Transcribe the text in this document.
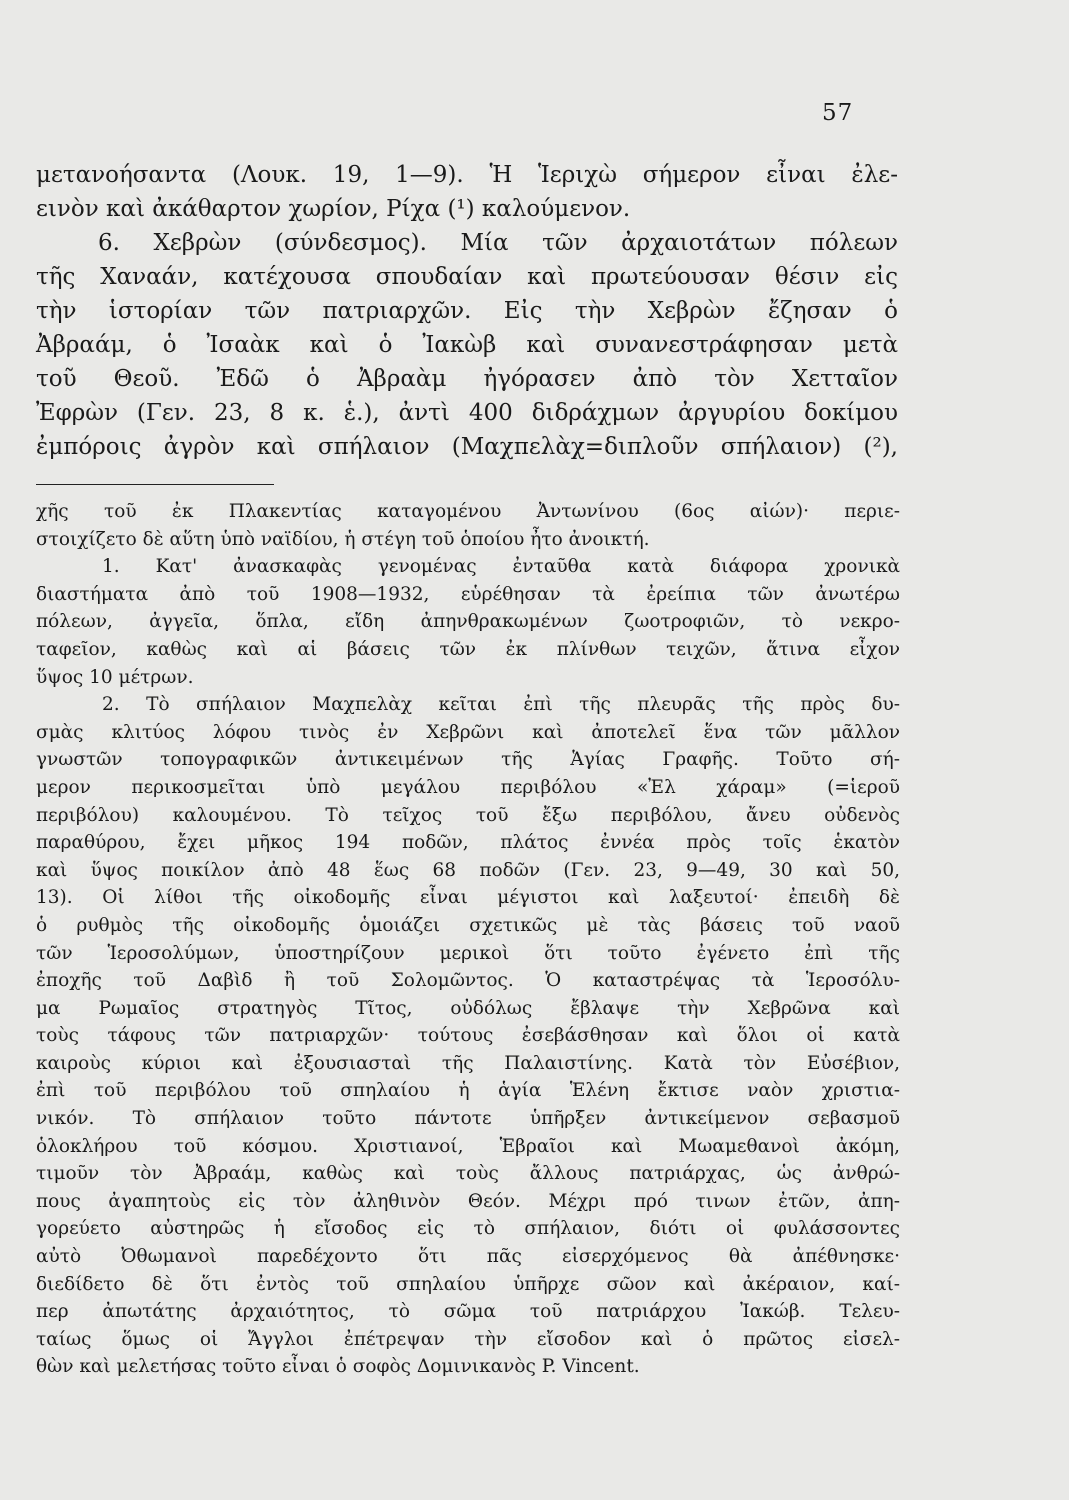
57
μετανοήσαντα (Λουκ. 19, 1—9). Ἡ Ἱεριχὼ σήμερον εἶναι ἐλε-
εινὸν καὶ ἀκάθαρτον χωρίον, Ρίχα (¹) καλούμενον.
6. Χεβρὼν (σύνδεσμος). Μία τῶν ἀρχαιοτάτων πόλεων
τῆς Χαναάν, κατέχουσα σπουδαίαν καὶ πρωτεύουσαν θέσιν εἰς
τὴν ἱστορίαν τῶν πατριαρχῶν. Εἰς τὴν Χεβρὼν ἔζησαν ὁ
Ἀβραάμ, ὁ Ἰσαὰκ καὶ ὁ Ἰακὼβ καὶ συνανεστράφησαν μετὰ
τοῦ Θεοῦ. Ἐδῶ ὁ Ἀβραὰμ ἠγόρασεν ἀπὸ τὸν Χετταῖον
Ἐφρὼν (Γεν. 23, 8 κ. ἑ.), ἀντὶ 400 διδράχμων ἀργυρίου δοκίμου
ἐμπόροις ἀγρὸν καὶ σπήλαιον (Μαχπελὰχ=διπλοῦν σπήλαιον) (²),
χῆς τοῦ ἐκ Πλακεντίας καταγομένου Ἀντωνίνου (6ος αἰών)· περιε-
στοιχίζετο δὲ αὕτη ὑπὸ ναϊδίου, ἡ στέγη τοῦ ὁποίου ἦτο ἀνοικτή.
1. Κατ' ἀνασκαφὰς γενομένας ἐνταῦθα κατὰ διάφορα χρονικὰ
διαστήματα ἀπὸ τοῦ 1908—1932, εὑρέθησαν τὰ ἐρείπια τῶν ἀνωτέρω
πόλεων, ἀγγεῖα, ὅπλα, εἴδη ἀπηνθρακωμένων ζωοτροφιῶν, τὸ νεκρο-
ταφεῖον, καθὼς καὶ αἱ βάσεις τῶν ἐκ πλίνθων τειχῶν, ἅτινα εἶχον
ὕψος 10 μέτρων.
2. Τὸ σπήλαιον Μαχπελὰχ κεῖται ἐπὶ τῆς πλευρᾶς τῆς πρὸς δυ-
σμὰς κλιτύος λόφου τινὸς ἐν Χεβρῶνι καὶ ἀποτελεῖ ἕνα τῶν μᾶλλον
γνωστῶν τοπογραφικῶν ἀντικειμένων τῆς Ἁγίας Γραφῆς. Τοῦτο σή-
μερον περικοσμεῖται ὑπὸ μεγάλου περιβόλου «Ἐλ χάραμ» (=ἱεροῦ
περιβόλου) καλουμένου. Τὸ τεῖχος τοῦ ἔξω περιβόλου, ἄνευ οὐδενὸς
παραθύρου, ἔχει μῆκος 194 ποδῶν, πλάτος ἐννέα πρὸς τοῖς ἑκατὸν
καὶ ὕψος ποικίλον ἀπὸ 48 ἕως 68 ποδῶν (Γεν. 23, 9—49, 30 καὶ 50,
13). Οἱ λίθοι τῆς οἰκοδομῆς εἶναι μέγιστοι καὶ λαξευτοί· ἐπειδὴ δὲ
ὁ ρυθμὸς τῆς οἰκοδομῆς ὁμοιάζει σχετικῶς μὲ τὰς βάσεις τοῦ ναοῦ
τῶν Ἱεροσολύμων, ὑποστηρίζουν μερικοὶ ὅτι τοῦτο ἐγένετο ἐπὶ τῆς
ἐποχῆς τοῦ Δαβὶδ ἢ τοῦ Σολομῶντος. Ὁ καταστρέψας τὰ Ἱεροσόλυ-
μα Ρωμαῖος στρατηγὸς Τῖτος, οὐδόλως ἔβλαψε τὴν Χεβρῶνα καὶ
τοὺς τάφους τῶν πατριαρχῶν· τούτους ἐσεβάσθησαν καὶ ὅλοι οἱ κατὰ
καιροὺς κύριοι καὶ ἐξουσιασταὶ τῆς Παλαιστίνης. Κατὰ τὸν Εὐσέβιον,
ἐπὶ τοῦ περιβόλου τοῦ σπηλαίου ἡ ἁγία Ἑλένη ἔκτισε ναὸν χριστια-
νικόν. Τὸ σπήλαιον τοῦτο πάντοτε ὑπῆρξεν ἀντικείμενον σεβασμοῦ
ὁλοκλήρου τοῦ κόσμου. Χριστιανοί, Ἑβραῖοι καὶ Μωαμεθανοὶ ἀκόμη,
τιμοῦν τὸν Ἀβραάμ, καθὼς καὶ τοὺς ἄλλους πατριάρχας, ὡς ἀνθρώ-
πους ἀγαπητοὺς εἰς τὸν ἀληθινὸν Θεόν. Μέχρι πρό τινων ἐτῶν, ἀπη-
γορεύετο αὐστηρῶς ἡ εἴσοδος εἰς τὸ σπήλαιον, διότι οἱ φυλάσσοντες
αὐτὸ Ὀθωμανοὶ παρεδέχοντο ὅτι πᾶς εἰσερχόμενος θὰ ἀπέθνησκε·
διεδίδετο δὲ ὅτι ἐντὸς τοῦ σπηλαίου ὑπῆρχε σῶον καὶ ἀκέραιον, καί-
περ ἀπωτάτης ἀρχαιότητος, τὸ σῶμα τοῦ πατριάρχου Ἰακώβ. Τελευ-
ταίως ὅμως οἱ Ἄγγλοι ἐπέτρεψαν τὴν εἴσοδον καὶ ὁ πρῶτος εἰσελ-
θὼν καὶ μελετήσας τοῦτο εἶναι ὁ σοφὸς Δομινικανὸς P. Vincent.
